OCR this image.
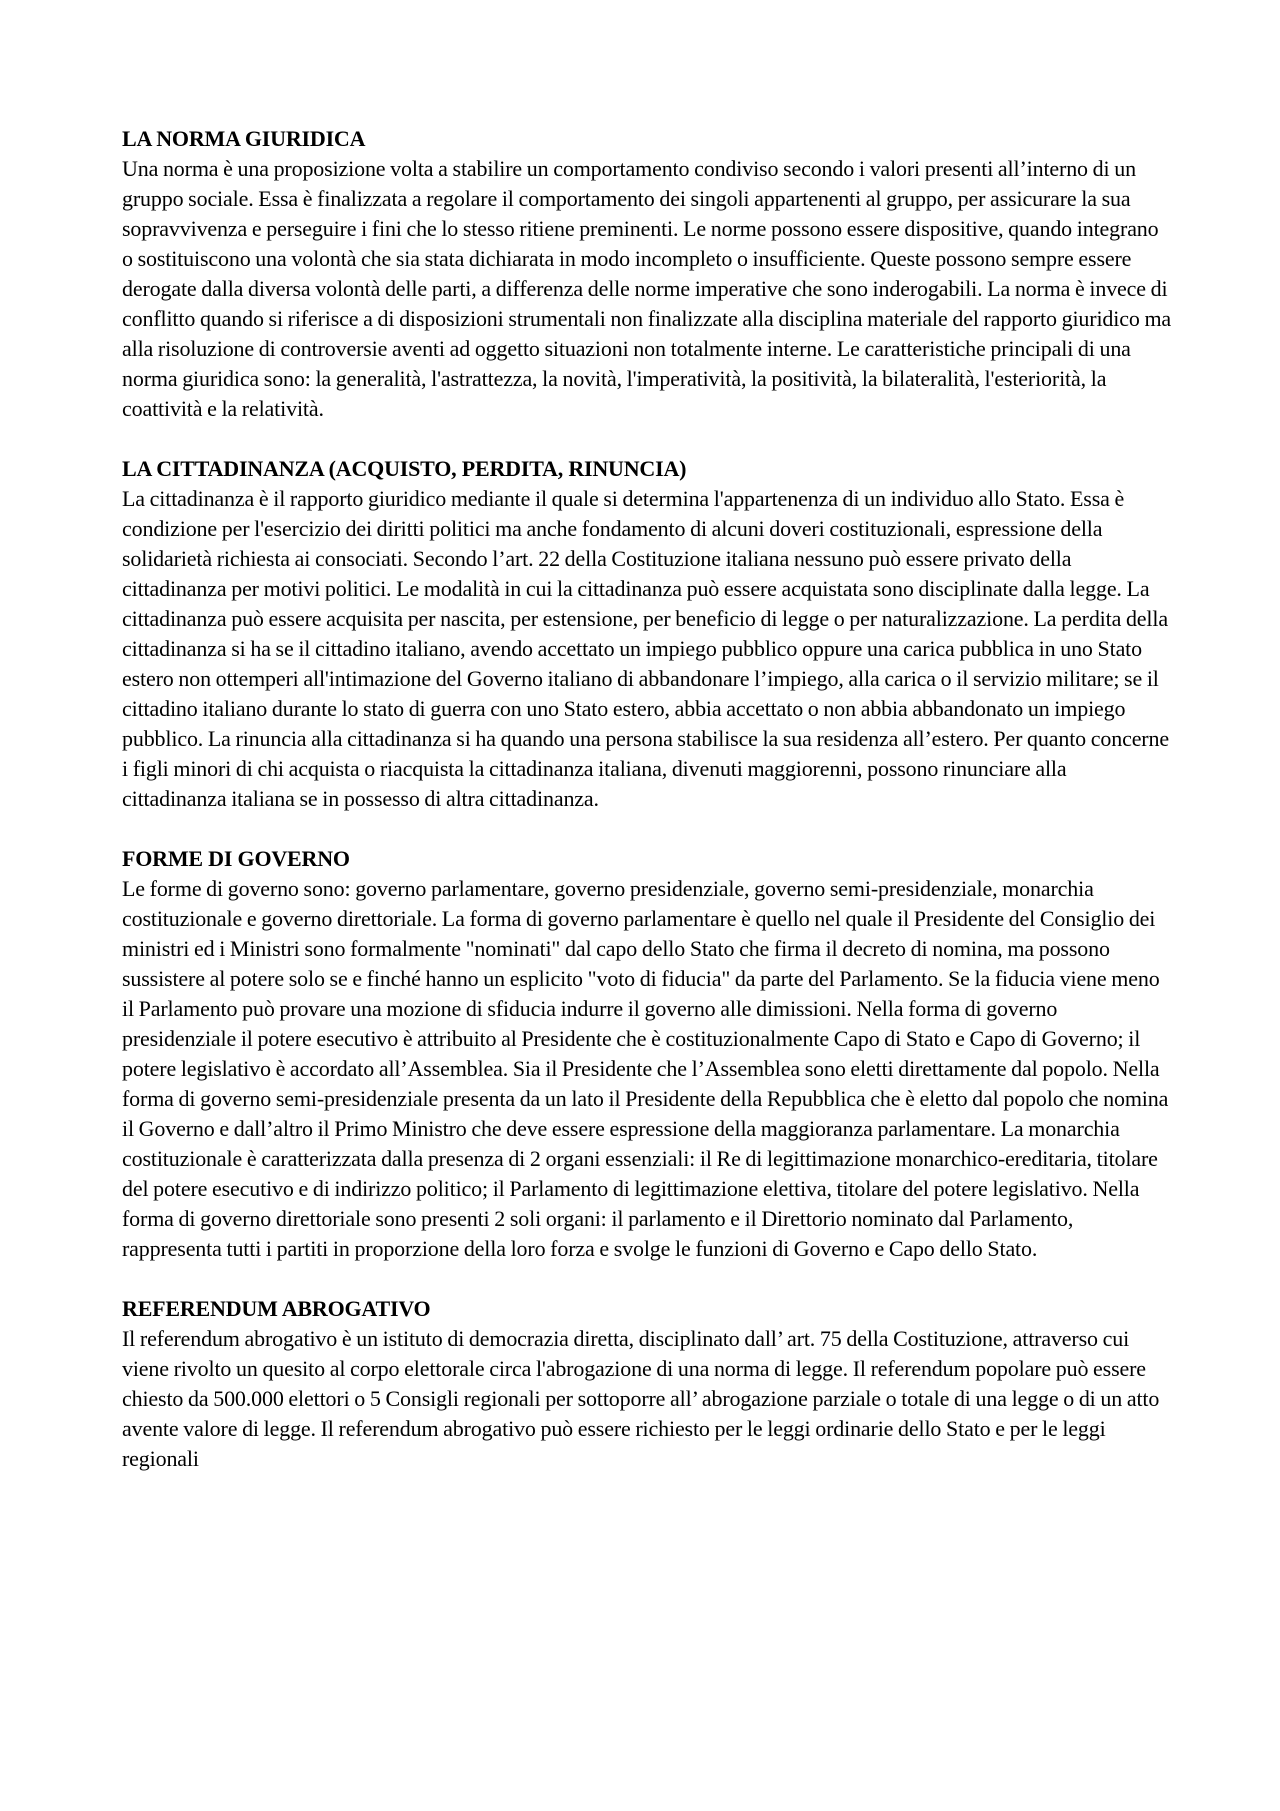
LA NORMA GIURIDICA

Una norma è una proposizione volta a stabilire un comportamento condiviso secondo i valori presenti all’interno di un gruppo sociale. Essa è finalizzata a regolare il comportamento dei singoli appartenenti al gruppo, per assicurare la sua sopravvivenza e perseguire i fini che lo stesso ritiene preminenti. Le norme possono essere dispositive, quando integrano o sostituiscono una volontà che sia stata dichiarata in modo incompleto o insufficiente. Queste possono sempre essere derogate dalla diversa volontà delle parti, a differenza delle norme imperative che sono inderogabili. La norma è invece di conflitto quando si riferisce a di disposizioni strumentali non finalizzate alla disciplina materiale del rapporto giuridico ma alla risoluzione di controversie aventi ad oggetto situazioni non totalmente interne. Le caratteristiche principali di una norma giuridica sono: la generalità, l'astrattezza, la novità, l'imperatività, la positività, la bilateralità, l'esteriorità, la coattività e la relatività.

LA CITTADINANZA (ACQUISTO, PERDITA, RINUNCIA)

La cittadinanza è il rapporto giuridico mediante il quale si determina l'appartenenza di un individuo allo Stato. Essa è condizione per l'esercizio dei diritti politici ma anche fondamento di alcuni doveri costituzionali, espressione della solidarietà richiesta ai consociati. Secondo l’art. 22 della Costituzione italiana nessuno può essere privato della cittadinanza per motivi politici. Le modalità in cui la cittadinanza può essere acquistata sono disciplinate dalla legge. La cittadinanza può essere acquisita per nascita, per estensione, per beneficio di legge o per naturalizzazione. La perdita della cittadinanza si ha se il cittadino italiano, avendo accettato un impiego pubblico oppure una carica pubblica in uno Stato estero non ottemperi all'intimazione del Governo italiano di abbandonare l’impiego, alla carica o il servizio militare; se il cittadino italiano durante lo stato di guerra con uno Stato estero, abbia accettato o non abbia abbandonato un impiego pubblico. La rinuncia alla cittadinanza si ha quando una persona stabilisce la sua residenza all’estero. Per quanto concerne i figli minori di chi acquista o riacquista la cittadinanza italiana, divenuti maggiorenni, possono rinunciare alla cittadinanza italiana se in possesso di altra cittadinanza.

FORME DI GOVERNO

Le forme di governo sono: governo parlamentare, governo presidenziale, governo semi-presidenziale, monarchia costituzionale e governo direttoriale. La forma di governo parlamentare è quello nel quale il Presidente del Consiglio dei ministri ed i Ministri sono formalmente "nominati" dal capo dello Stato che firma il decreto di nomina, ma possono sussistere al potere solo se e finché hanno un esplicito "voto di fiducia" da parte del Parlamento. Se la fiducia viene meno il Parlamento può provare una mozione di sfiducia indurre il governo alle dimissioni. Nella forma di governo presidenziale il potere esecutivo è attribuito al Presidente che è costituzionalmente Capo di Stato e Capo di Governo; il potere legislativo è accordato all’Assemblea. Sia il Presidente che l’Assemblea sono eletti direttamente dal popolo. Nella forma di governo semi-presidenziale presenta da un lato il Presidente della Repubblica che è eletto dal popolo che nomina il Governo e dall’altro il Primo Ministro che deve essere espressione della maggioranza parlamentare. La monarchia costituzionale è caratterizzata dalla presenza di 2 organi essenziali: il Re di legittimazione monarchico-ereditaria, titolare del potere esecutivo e di indirizzo politico; il Parlamento di legittimazione elettiva, titolare del potere legislativo. Nella forma di governo direttoriale sono presenti 2 soli organi: il parlamento e il Direttorio nominato dal Parlamento, rappresenta tutti i partiti in proporzione della loro forza e svolge le funzioni di Governo e Capo dello Stato.

REFERENDUM ABROGATIVO

Il referendum abrogativo è un istituto di democrazia diretta, disciplinato dall’ art. 75 della Costituzione, attraverso cui viene rivolto un quesito al corpo elettorale circa l'abrogazione di una norma di legge. Il referendum popolare può essere chiesto da 500.000 elettori o 5 Consigli regionali per sottoporre all’ abrogazione parziale o totale di una legge o di un atto avente valore di legge. Il referendum abrogativo può essere richiesto per le leggi ordinarie dello Stato e per le leggi regionali
